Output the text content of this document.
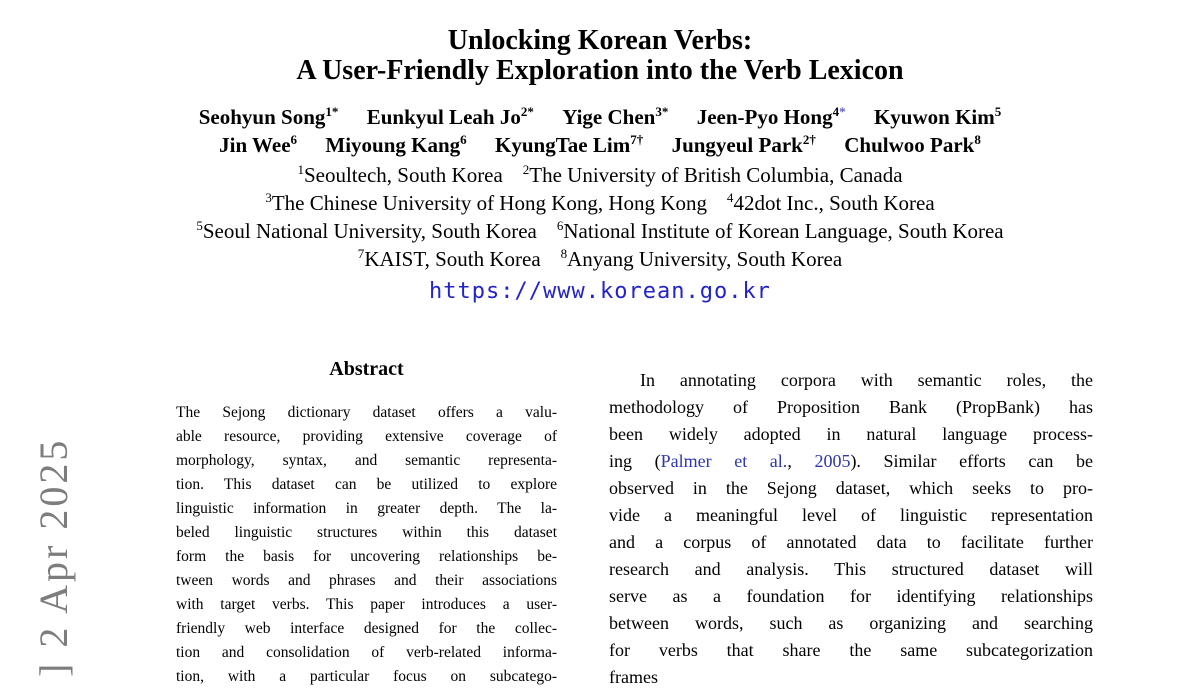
] 2 Apr 2025
Unlocking Korean Verbs:
A User-Friendly Exploration into the Verb Lexicon
Seohyun Song$^{1*}$ Eunkyul Leah $Jo^{2*}$ Yige Chen$^{3*}$ Jeen-Pyo Hong$^{4*}$ Kyuwon Kim$^5$
Jin Wee$^6$ Miyoung Kang$^6$ KyungTae Lim$^{7\dagger}$ Jungyeul Park$^{2\dagger}$ Chulwoo Park$^8$
$^1$Seoultech, South Korea $^2$The University of British Columbia, Canada
$^3$The Chinese University of Hong Kong, Hong Kong $^4$42dot Inc., South Korea
$^5$Seoul National University, South Korea $^6$National Institute of Korean Language, South Korea
$^7$KAIST, South Korea $^8$Anyang University, South Korea
https://www.korean.go.kr
Abstract
The Sejong dictionary dataset offers a valu-
able resource, providing extensive coverage of
morphology, syntax, and semantic representa-
tion. This dataset can be utilized to explore
linguistic information in greater depth. The la-
beled linguistic structures within this dataset
form the basis for uncovering relationships be-
tween words and phrases and their associations
with target verbs. This paper introduces a user-
friendly web interface designed for the collec-
tion and consolidation of verb-related informa-
tion, with a particular focus on subcatego-
In annotating corpora with semantic roles, the
methodology of Proposition Bank (PropBank) has
been widely adopted in natural language process-
ing (Palmer et al., 2005). Similar efforts can be
observed in the Sejong dataset, which seeks to pro-
vide a meaningful level of linguistic representation
and a corpus of annotated data to facilitate further
research and analysis. This structured dataset will
serve as a foundation for identifying relationships
between words, such as organizing and searching
for verbs that share the same subcategorization
frames
